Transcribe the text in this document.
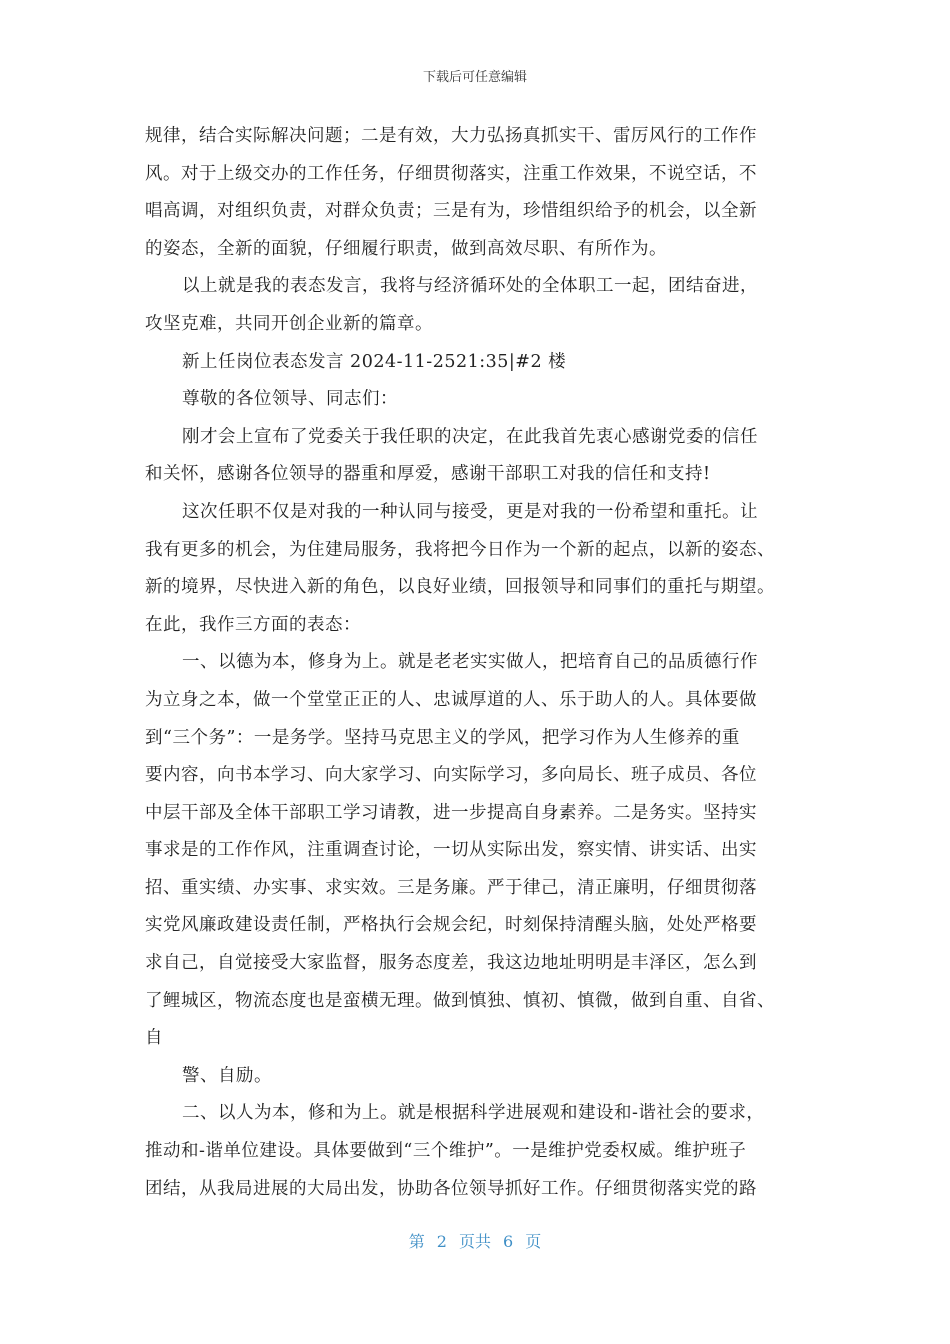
下载后可任意编辑
规律，结合实际解决问题；二是有效，大力弘扬真抓实干、雷厉风行的工作作
风。对于上级交办的工作任务，仔细贯彻落实，注重工作效果，不说空话，不
唱高调，对组织负责，对群众负责；三是有为，珍惜组织给予的机会，以全新
的姿态，全新的面貌，仔细履行职责，做到高效尽职、有所作为。
以上就是我的表态发言，我将与经济循环处的全体职工一起，团结奋进，
攻坚克难，共同开创企业新的篇章。
新上任岗位表态发言 2024-11-2521:35|#2 楼
尊敬的各位领导、同志们：
刚才会上宣布了党委关于我任职的决定，在此我首先衷心感谢党委的信任
和关怀，感谢各位领导的器重和厚爱，感谢干部职工对我的信任和支持!
这次任职不仅是对我的一种认同与接受，更是对我的一份希望和重托。让
我有更多的机会，为住建局服务，我将把今日作为一个新的起点，以新的姿态、
新的境界，尽快进入新的角色，以良好业绩，回报领导和同事们的重托与期望。
在此，我作三方面的表态：
一、以德为本，修身为上。就是老老实实做人，把培育自己的品质德行作
为立身之本，做一个堂堂正正的人、忠诚厚道的人、乐于助人的人。具体要做
到“三个务”：一是务学。坚持马克思主义的学风，把学习作为人生修养的重
要内容，向书本学习、向大家学习、向实际学习，多向局长、班子成员、各位
中层干部及全体干部职工学习请教，进一步提高自身素养。二是务实。坚持实
事求是的工作作风，注重调查讨论，一切从实际出发，察实情、讲实话、出实
招、重实绩、办实事、求实效。三是务廉。严于律己，清正廉明，仔细贯彻落
实党风廉政建设责任制，严格执行会规会纪，时刻保持清醒头脑，处处严格要
求自己，自觉接受大家监督，服务态度差，我这边地址明明是丰泽区，怎么到
了鲤城区，物流态度也是蛮横无理。做到慎独、慎初、慎微，做到自重、自省、
自
警、自励。
二、以人为本，修和为上。就是根据科学进展观和建设和-谐社会的要求，
推动和-谐单位建设。具体要做到“三个维护”。一是维护党委权威。维护班子
团结，从我局进展的大局出发，协助各位领导抓好工作。仔细贯彻落实党的路
第 2 页共 6 页
